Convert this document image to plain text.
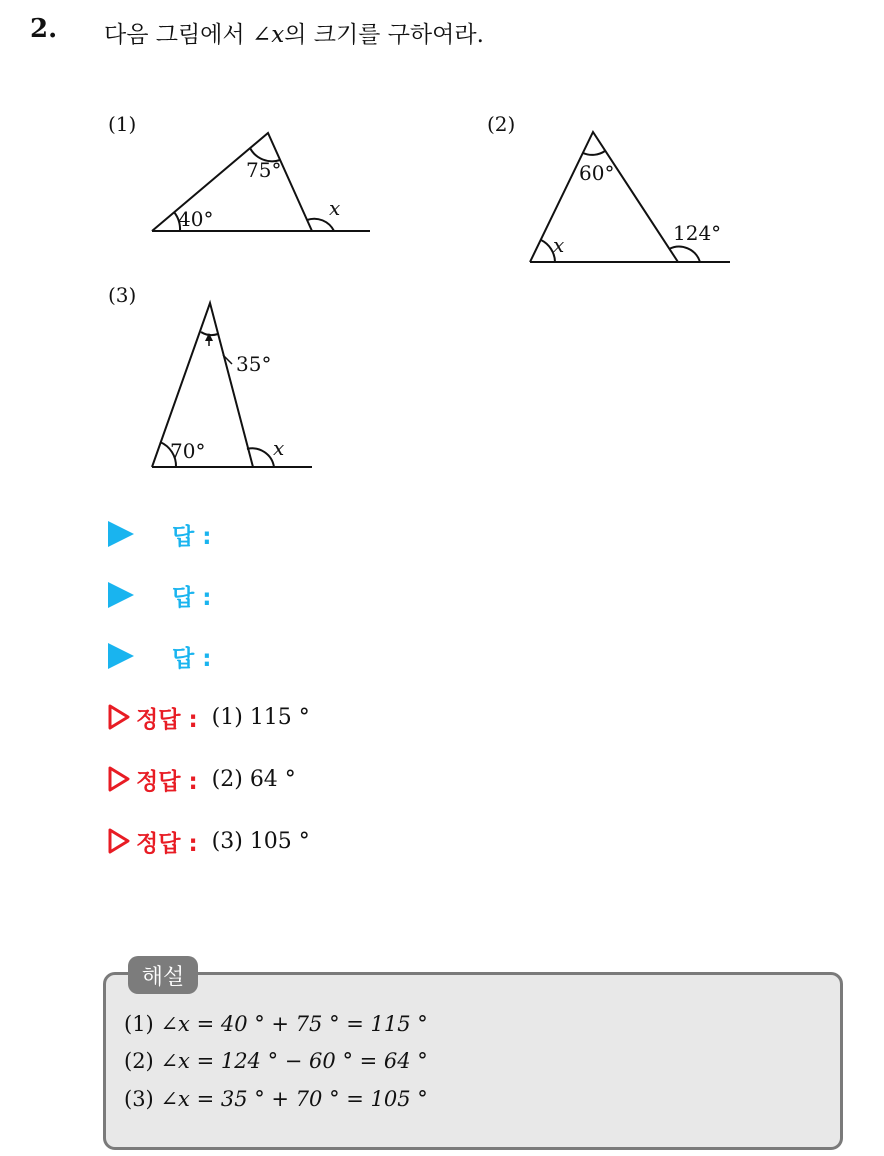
2. 다음 그림에서 ∠x의 크기를 구하여라.
(1)
75°
40°	x
(2)
60°
x	124°
(3)
35°
70°	x
답 :
답 :
답 :
정답 : (1) 115 °
정답 : (2) 64 °
정답 : (3) 105 °
해설
(1) ∠x = 40 ° + 75 ° = 115 °
(2) ∠x = 124 ° − 60 ° = 64 °
(3) ∠x = 35 ° + 70 ° = 105 °
